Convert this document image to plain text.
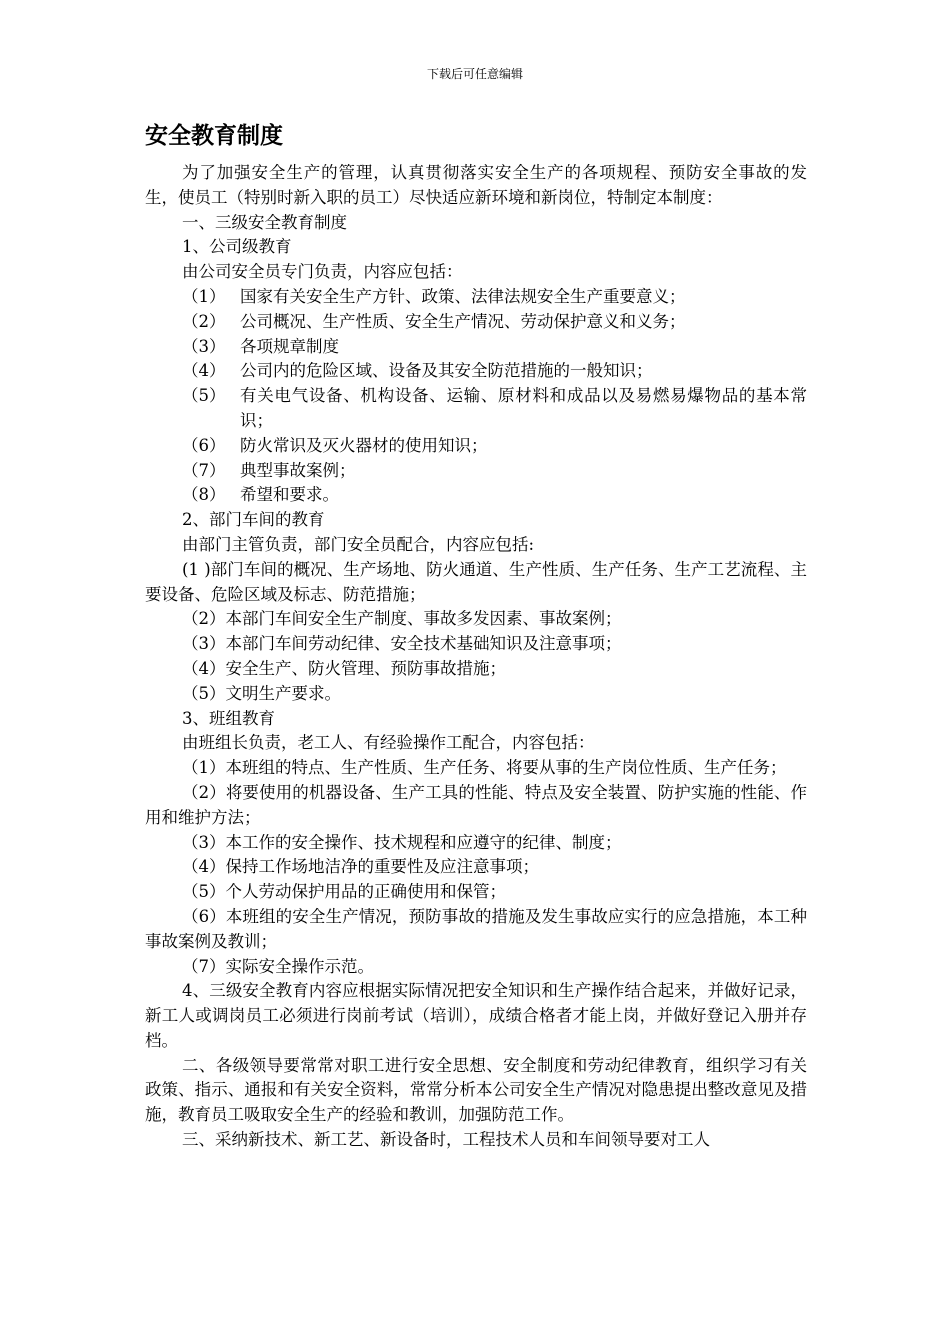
下载后可任意编辑
安全教育制度

为了加强安全生产的管理，认真贯彻落实安全生产的各项规程、预防安全事故的发生，使员工（特别时新入职的员工）尽快适应新环境和新岗位，特制定本制度：

一、三级安全教育制度

1、公司级教育

由公司安全员专门负责，内容应包括：

（1） 国家有关安全生产方针、政策、法律法规安全生产重要意义；
（2） 公司概况、生产性质、安全生产情况、劳动保护意义和义务；
（3） 各项规章制度
（4） 公司内的危险区域、设备及其安全防范措施的一般知识；
（5） 有关电气设备、机构设备、运输、原材料和成品以及易燃易爆物品的基本常识；
（6） 防火常识及灭火器材的使用知识；
（7） 典型事故案例；
（8） 希望和要求。

2、部门车间的教育

由部门主管负责，部门安全员配合，内容应包括:

(1 )部门车间的概况、生产场地、防火通道、生产性质、生产任务、生产工艺流程、主要设备、危险区域及标志、防范措施；

（2）本部门车间安全生产制度、事故多发因素、事故案例；

（3）本部门车间劳动纪律、安全技术基础知识及注意事项；

（4）安全生产、防火管理、预防事故措施；

（5）文明生产要求。

3、班组教育

由班组长负责，老工人、有经验操作工配合，内容包括：

（1）本班组的特点、生产性质、生产任务、将要从事的生产岗位性质、生产任务；

（2）将要使用的机器设备、生产工具的性能、特点及安全装置、防护实施的性能、作用和维护方法；

（3）本工作的安全操作、技术规程和应遵守的纪律、制度；

（4）保持工作场地洁净的重要性及应注意事项；

（5）个人劳动保护用品的正确使用和保管；

（6）本班组的安全生产情况，预防事故的措施及发生事故应实行的应急措施，本工种事故案例及教训；

（7）实际安全操作示范。

4、三级安全教育内容应根据实际情况把安全知识和生产操作结合起来，并做好记录，新工人或调岗员工必须进行岗前考试（培训），成绩合格者才能上岗，并做好登记入册并存档。

二、各级领导要常常对职工进行安全思想、安全制度和劳动纪律教育，组织学习有关政策、指示、通报和有关安全资料，常常分析本公司安全生产情况对隐患提出整改意见及措施，教育员工吸取安全生产的经验和教训，加强防范工作。

三、采纳新技术、新工艺、新设备时，工程技术人员和车间领导要对工人
